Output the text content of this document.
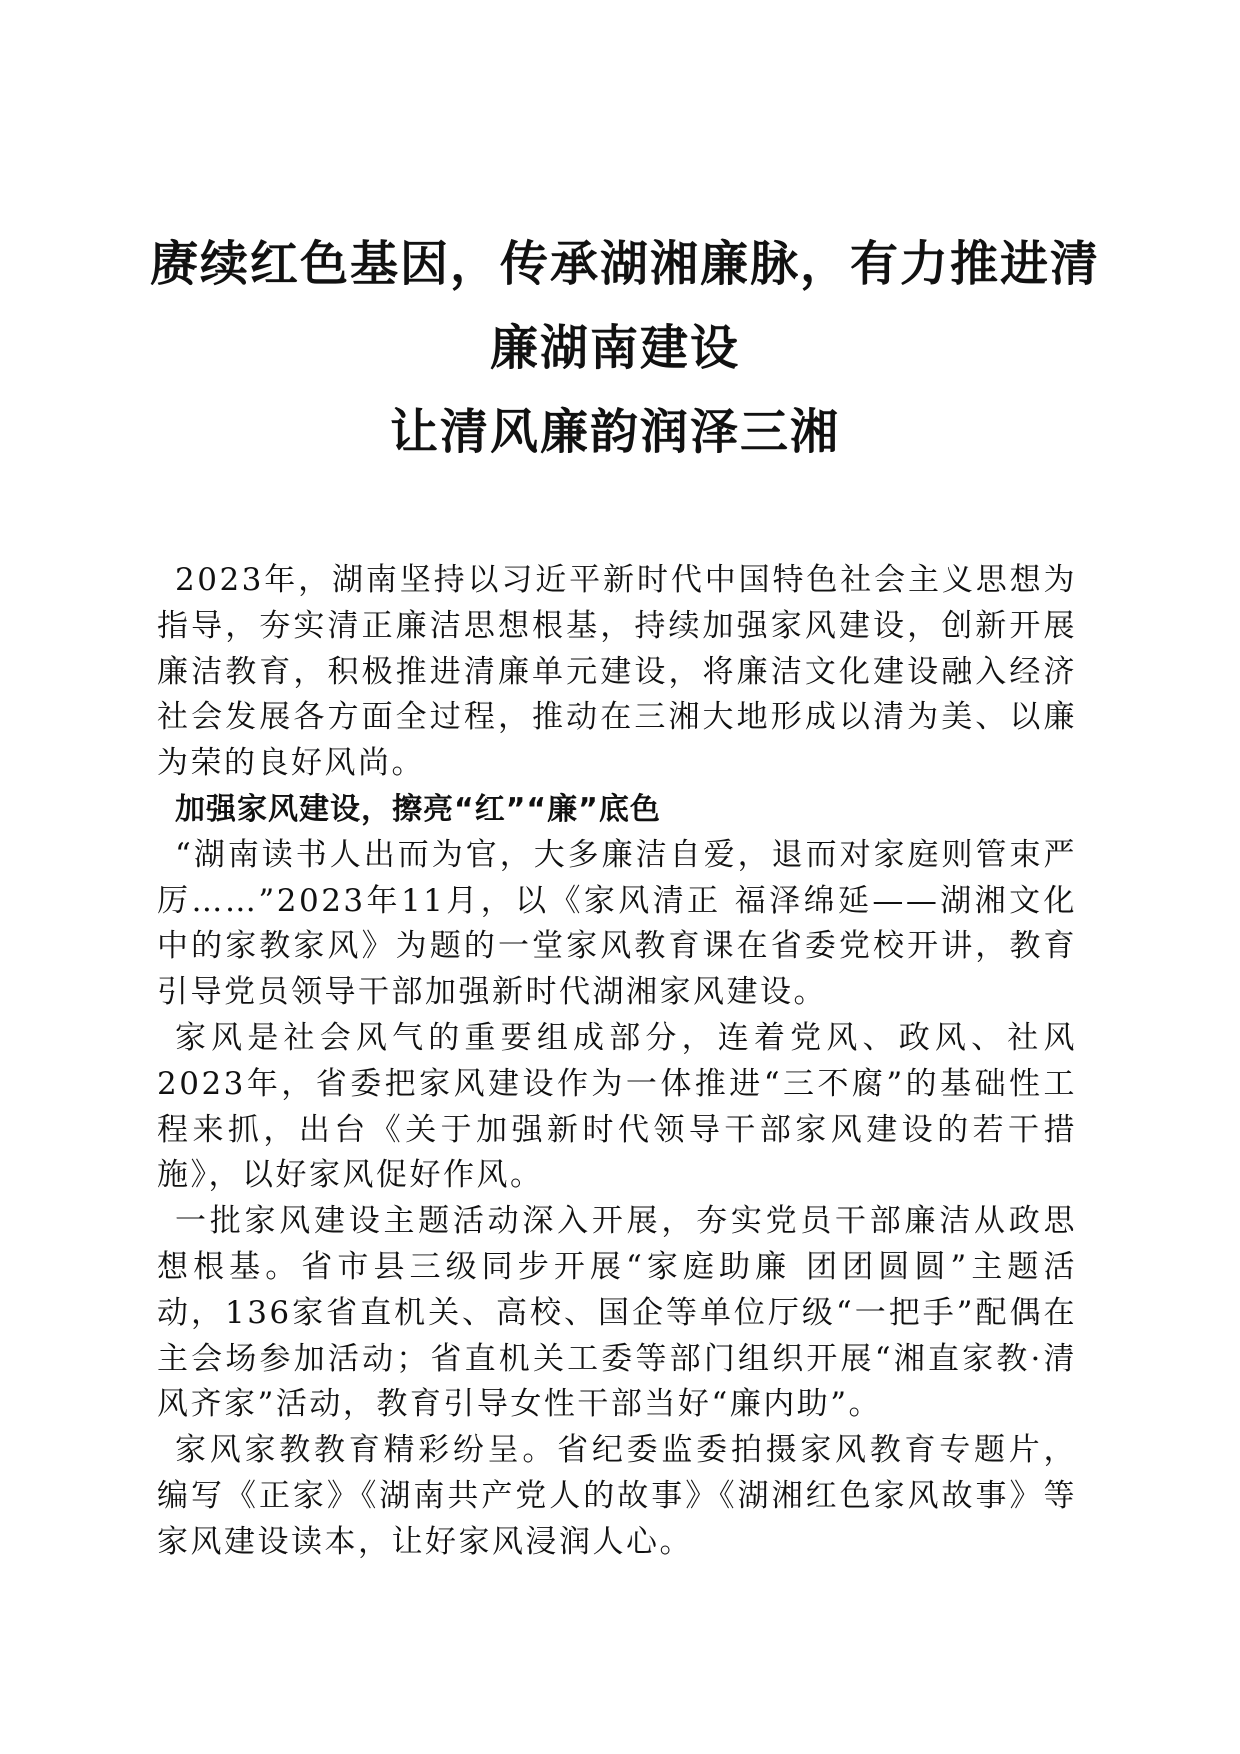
赓续红色基因，传承湖湘廉脉，有力推进清
廉湖南建设
让清风廉韵润泽三湘

2023年，湖南坚持以习近平新时代中国特色社会主义思想为指导，夯实清正廉洁思想根基，持续加强家风建设，创新开展廉洁教育，积极推进清廉单元建设，将廉洁文化建设融入经济社会发展各方面全过程，推动在三湘大地形成以清为美、以廉为荣的良好风尚。

加强家风建设，擦亮“红”“廉”底色

“湖南读书人出而为官，大多廉洁自爱，退而对家庭则管束严厉……”2023年11月，以《家风清正 福泽绵延——湖湘文化中的家教家风》为题的一堂家风教育课在省委党校开讲，教育引导党员领导干部加强新时代湖湘家风建设。

家风是社会风气的重要组成部分，连着党风、政风、社风2023年，省委把家风建设作为一体推进“三不腐”的基础性工程来抓，出台《关于加强新时代领导干部家风建设的若干措施》，以好家风促好作风。

一批家风建设主题活动深入开展，夯实党员干部廉洁从政思想根基。省市县三级同步开展“家庭助廉 团团圆圆”主题活动，136家省直机关、高校、国企等单位厅级“一把手”配偶在主会场参加活动；省直机关工委等部门组织开展“湘直家教·清风齐家”活动，教育引导女性干部当好“廉内助”。

家风家教教育精彩纷呈。省纪委监委拍摄家风教育专题片，编写《正家》《湖南共产党人的故事》《湖湘红色家风故事》等家风建设读本，让好家风浸润人心。
